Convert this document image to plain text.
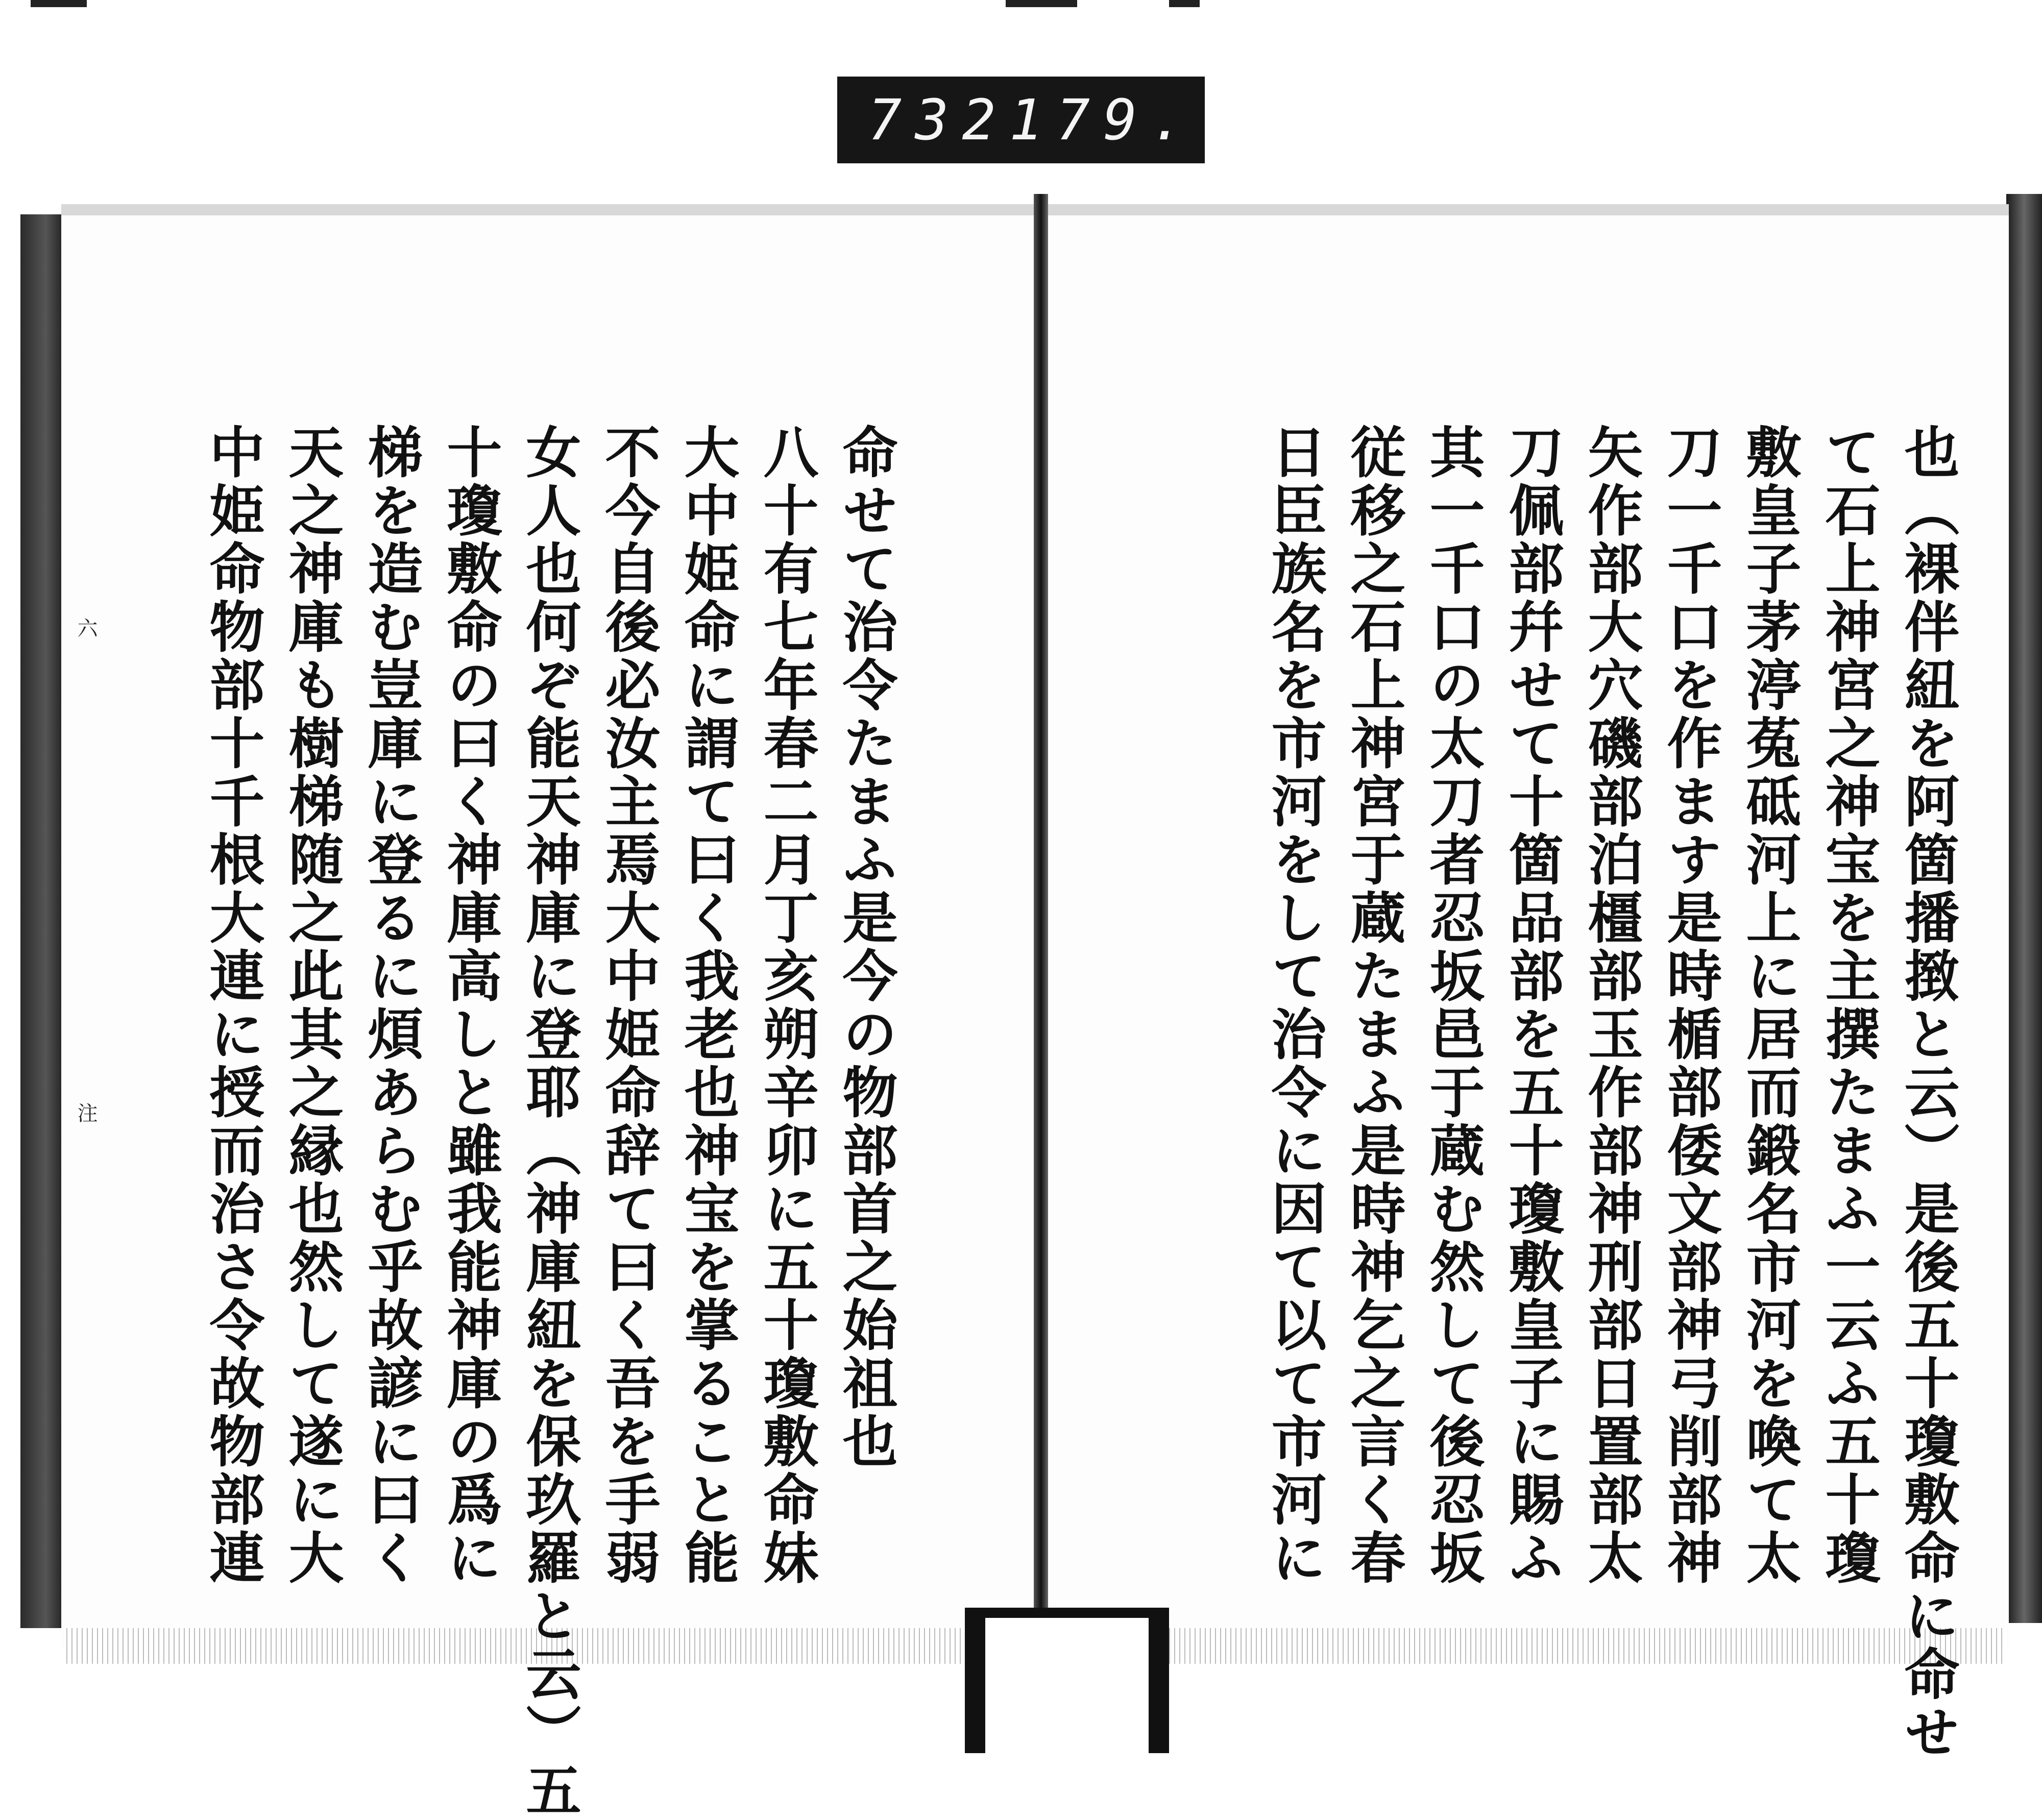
732 179.
六
注	也（裸伴紐を阿箇播㨖と云）是後五十瓊敷命に命せ
て石上神宮之神宝を主撰たまふ一云ふ五十瓊
敷皇子茅渟菟砥河上に居而鍛名市河を喚て太
刀一千口を作ます是時楯部倭文部神弓削部神
矢作部大穴磯部泊橿部玉作部神刑部日置部太
刀佩部幷せて十箇品部を五十瓊敷皇子に賜ふ
其一千口の太刀者忍坂邑于蔵む然して後忍坂
従移之石上神宮于蔵たまふ是時神乞之言く春
日臣族名を市河をして治令に因て以て市河に
命せて治令たまふ是今の物部首之始祖也
八十有七年春二月丁亥朔辛卯に五十瓊敷命妹
大中姫命に謂て曰く我老也神宝を掌ること能
不今自後必汝主焉大中姫命辞て曰く吾を手弱
女人也何ぞ能天神庫に登耶（神庫紐を保玖羅と云）五
十瓊敷命の曰く神庫高しと雖我能神庫の爲に
梯を造む豈庫に登るに煩あらむ乎故諺に曰く
天之神庫も樹梯随之此其之縁也然して遂に大
中姫命物部十千根大連に授而治さ令故物部連
